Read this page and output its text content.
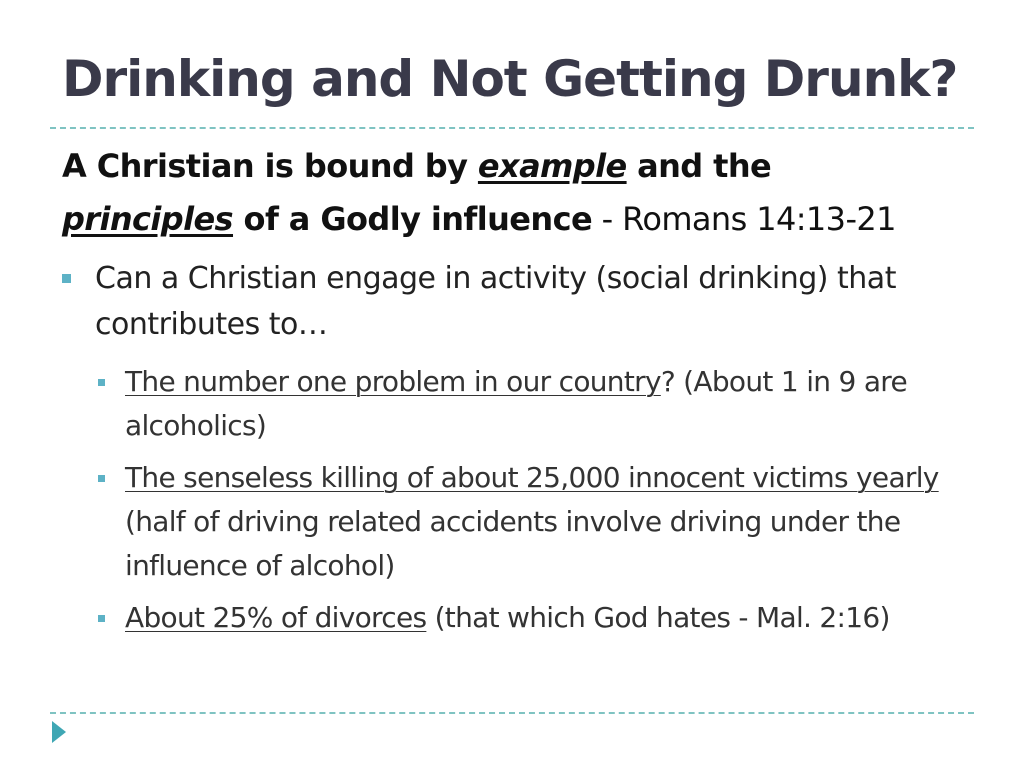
Drinking and Not Getting Drunk?
A Christian is bound by example and the
principles of a Godly influence - Romans 14:13-21
Can a Christian engage in activity (social drinking) that contributes to…
The number one problem in our country? (About 1 in 9 are alcoholics)
The senseless killing of about 25,000 innocent victims yearly (half of driving related accidents involve driving under the influence of alcohol)
About 25% of divorces (that which God hates - Mal. 2:16)
